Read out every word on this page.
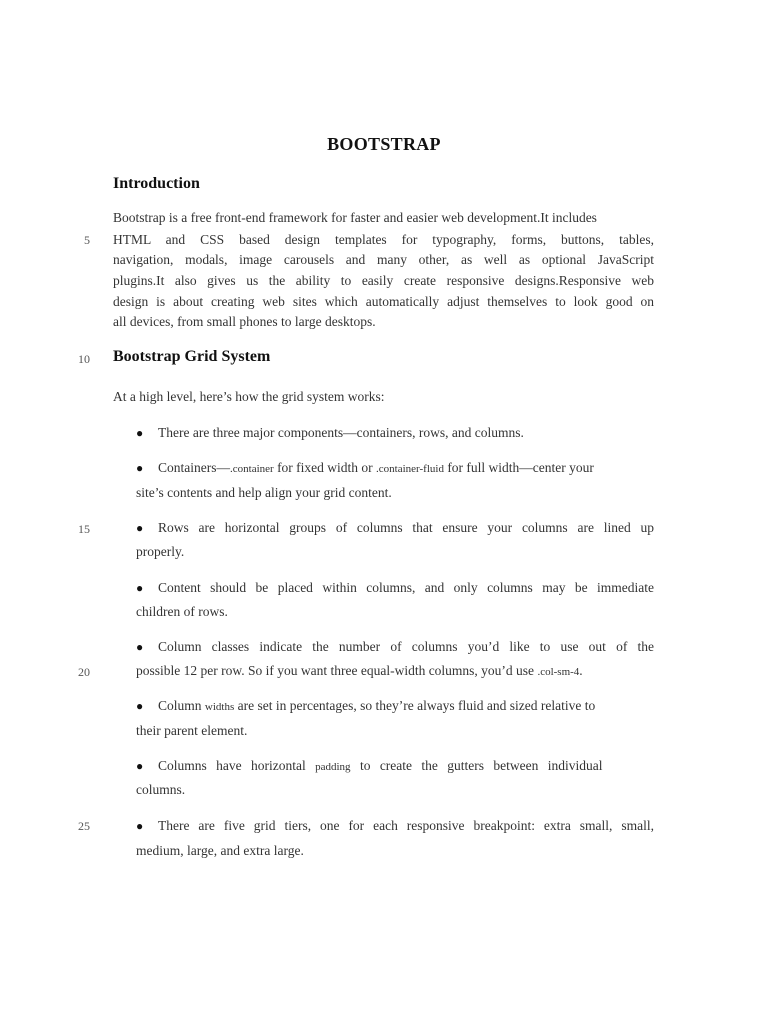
BOOTSTRAP
Introduction
Bootstrap is a free front-end framework for faster and easier web development.It includes
HTML and CSS based design templates for typography, forms, buttons, tables,
navigation, modals, image carousels and many other, as well as optional JavaScript
plugins.It also gives us the ability to easily create responsive designs.Responsive web
design is about creating web sites which automatically adjust themselves to look good on
all devices, from small phones to large desktops.
Bootstrap Grid System
At a high level, here’s how the grid system works:
● There are three major components—containers, rows, and columns.
● Containers—.container for fixed width or .container-fluid for full width—center your
site’s contents and help align your grid content.
● Rows are horizontal groups of columns that ensure your columns are lined up
properly.
● Content should be placed within columns, and only columns may be immediate
children of rows.
● Column classes indicate the number of columns you’d like to use out of the
possible 12 per row. So if you want three equal-width columns, you’d use .col-sm-4.
● Column widths are set in percentages, so they’re always fluid and sized relative to
their parent element.
● Columns have horizontal padding to create the gutters between individual
columns.
● There are five grid tiers, one for each responsive breakpoint: extra small, small,
medium, large, and extra large.
5
10
15
20
25
